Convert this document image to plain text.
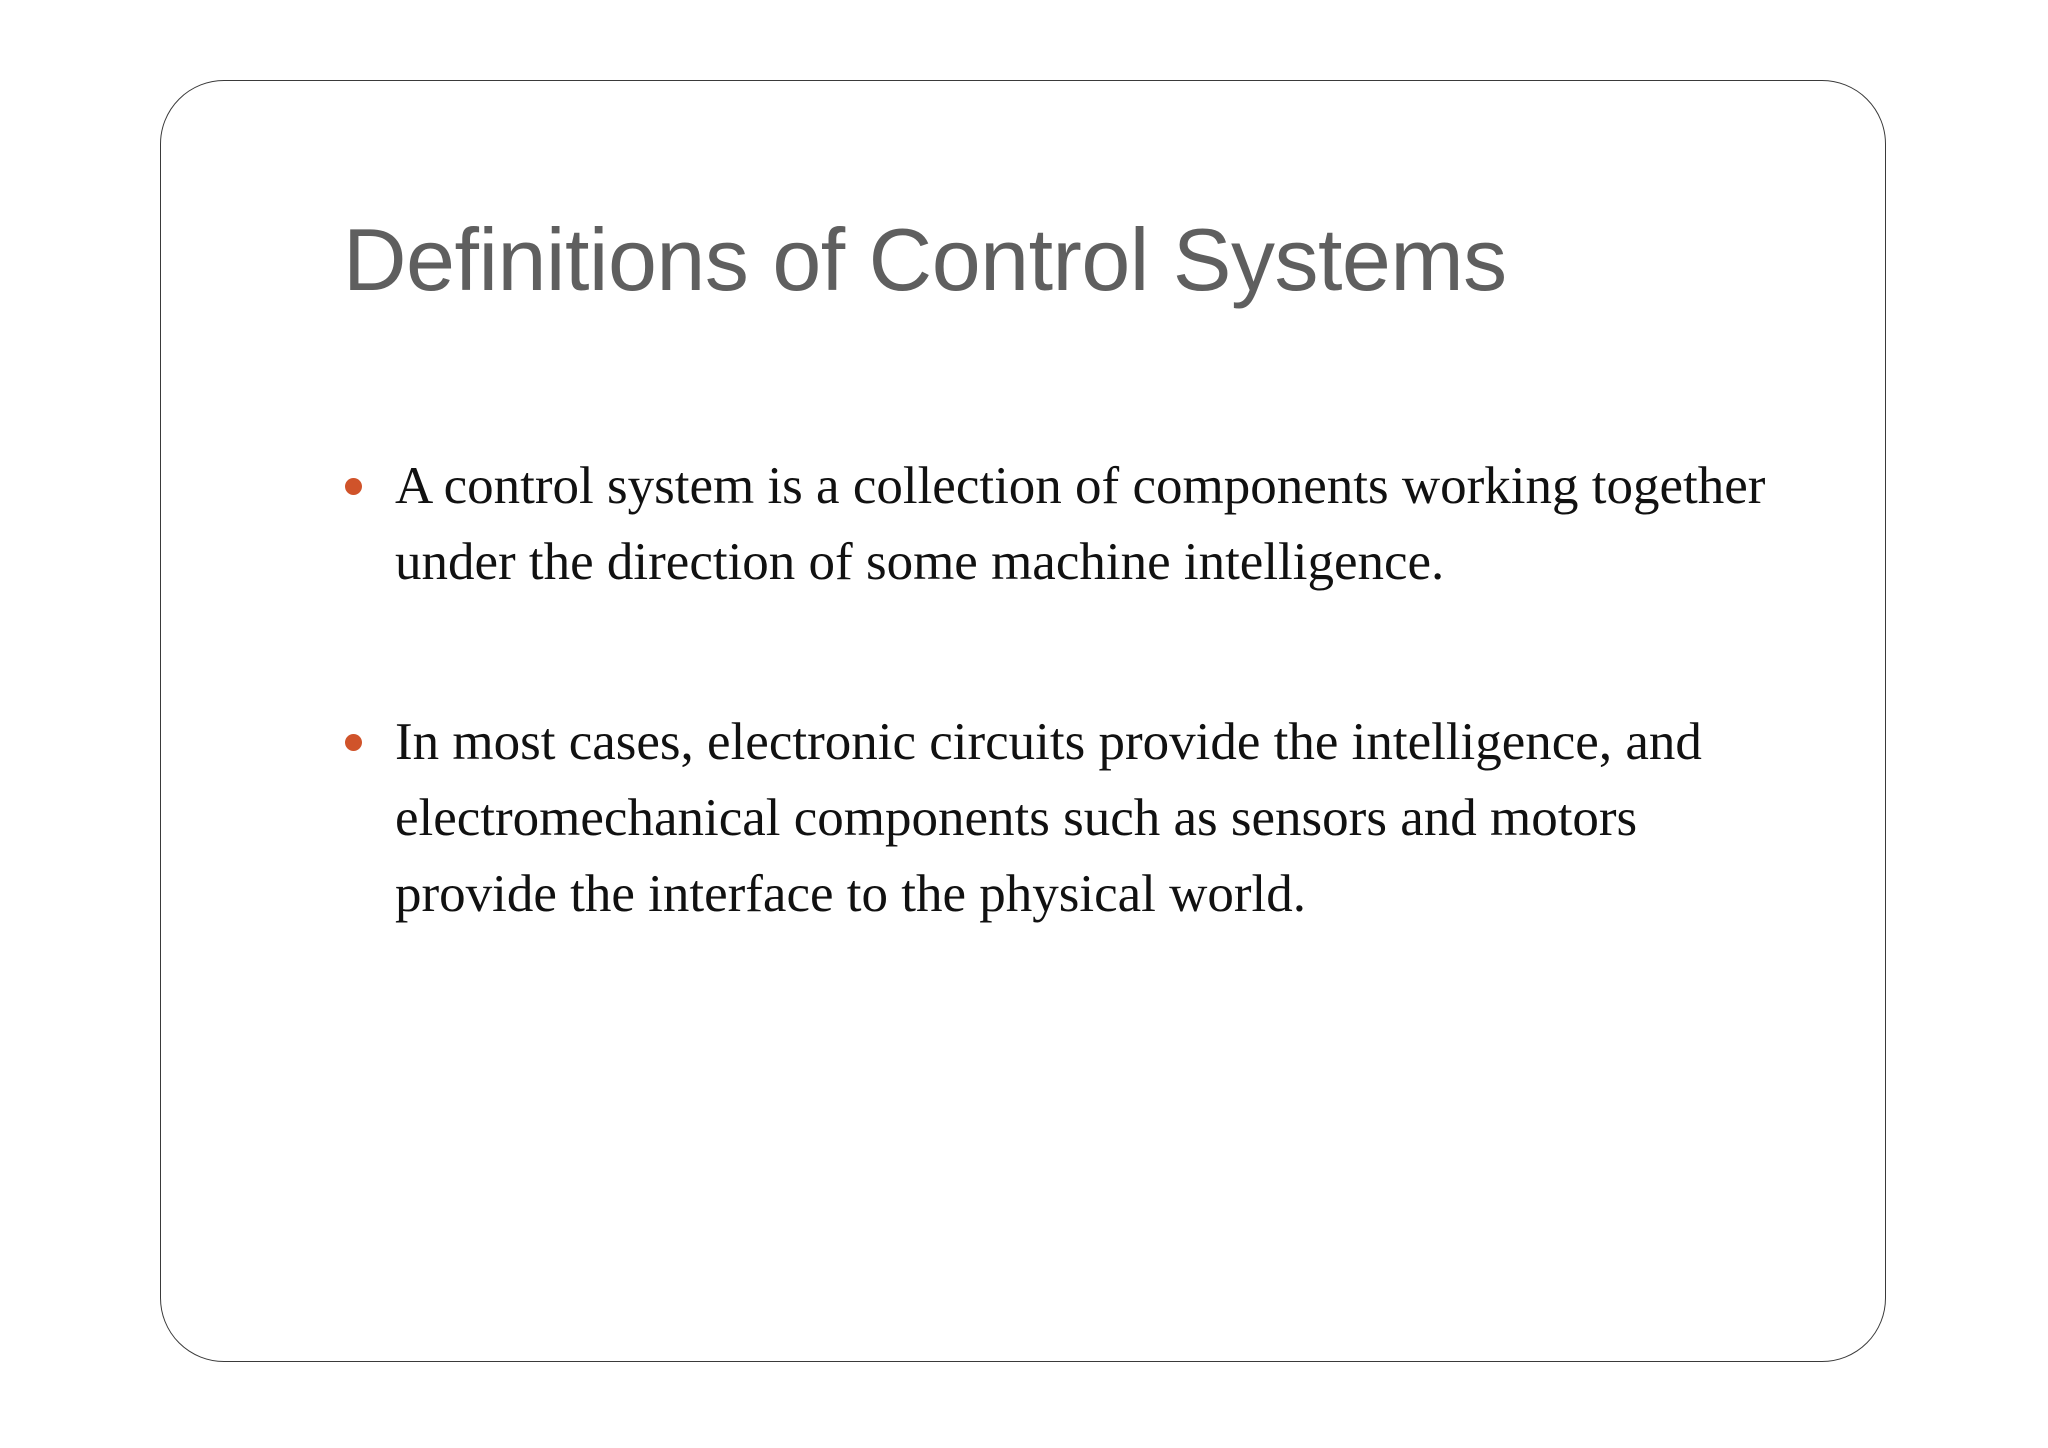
Definitions of Control Systems
A control system is a collection of components working together under the direction of some machine intelligence.
In most cases, electronic circuits provide the intelligence, and electromechanical components such as sensors and motors provide the interface to the physical world.
